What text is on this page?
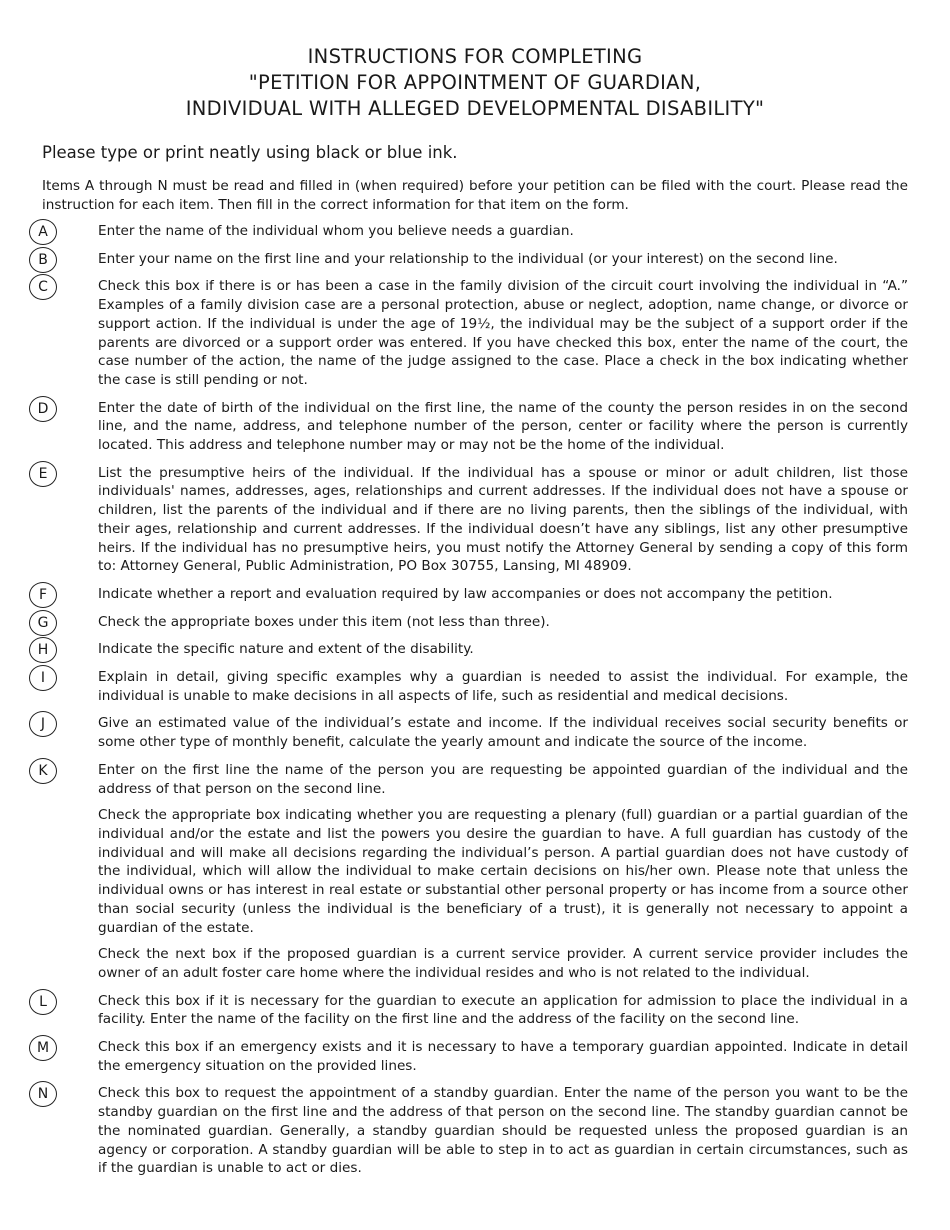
INSTRUCTIONS FOR COMPLETING
"PETITION FOR APPOINTMENT OF GUARDIAN,
INDIVIDUAL WITH ALLEGED DEVELOPMENTAL DISABILITY"
Please type or print neatly using black or blue ink.
Items A through N must be read and filled in (when required) before your petition can be filed with the court. Please read the instruction for each item. Then fill in the correct information for that item on the form.
A	Enter the name of the individual whom you believe needs a guardian.
B	Enter your name on the first line and your relationship to the individual (or your interest) on the second line.
C	Check this box if there is or has been a case in the family division of the circuit court involving the individual in “A.” Examples of a family division case are a personal protection, abuse or neglect, adoption, name change, or divorce or support action. If the individual is under the age of 19½, the individual may be the subject of a support order if the parents are divorced or a support order was entered. If you have checked this box, enter the name of the court, the case number of the action, the name of the judge assigned to the case. Place a check in the box indicating whether the case is still pending or not.
D	Enter the date of birth of the individual on the first line, the name of the county the person resides in on the second line, and the name, address, and telephone number of the person, center or facility where the person is currently located. This address and telephone number may or may not be the home of the individual.
E	List the presumptive heirs of the individual. If the individual has a spouse or minor or adult children, list those individuals' names, addresses, ages, relationships and current addresses. If the individual does not have a spouse or children, list the parents of the individual and if there are no living parents, then the siblings of the individual, with their ages, relationship and current addresses. If the individual doesn’t have any siblings, list any other presumptive heirs. If the individual has no presumptive heirs, you must notify the Attorney General by sending a copy of this form to: Attorney General, Public Administration, PO Box 30755, Lansing, MI 48909.
F	Indicate whether a report and evaluation required by law accompanies or does not accompany the petition.
G	Check the appropriate boxes under this item (not less than three).
H	Indicate the specific nature and extent of the disability.
I	Explain in detail, giving specific examples why a guardian is needed to assist the individual. For example, the individual is unable to make decisions in all aspects of life, such as residential and medical decisions.
J	Give an estimated value of the individual’s estate and income. If the individual receives social security benefits or some other type of monthly benefit, calculate the yearly amount and indicate the source of the income.
K	Enter on the first line the name of the person you are requesting be appointed guardian of the individual and the address of that person on the second line.
Check the appropriate box indicating whether you are requesting a plenary (full) guardian or a partial guardian of the individual and/or the estate and list the powers you desire the guardian to have. A full guardian has custody of the individual and will make all decisions regarding the individual’s person. A partial guardian does not have custody of the individual, which will allow the individual to make certain decisions on his/her own. Please note that unless the individual owns or has interest in real estate or substantial other personal property or has income from a source other than social security (unless the individual is the beneficiary of a trust), it is generally not necessary to appoint a guardian of the estate.
Check the next box if the proposed guardian is a current service provider. A current service provider includes the owner of an adult foster care home where the individual resides and who is not related to the individual.
L	Check this box if it is necessary for the guardian to execute an application for admission to place the individual in a facility. Enter the name of the facility on the first line and the address of the facility on the second line.
M	Check this box if an emergency exists and it is necessary to have a temporary guardian appointed. Indicate in detail the emergency situation on the provided lines.
N	Check this box to request the appointment of a standby guardian. Enter the name of the person you want to be the standby guardian on the first line and the address of that person on the second line. The standby guardian cannot be the nominated guardian. Generally, a standby guardian should be requested unless the proposed guardian is an agency or corporation. A standby guardian will be able to step in to act as guardian in certain circumstances, such as if the guardian is unable to act or dies.
